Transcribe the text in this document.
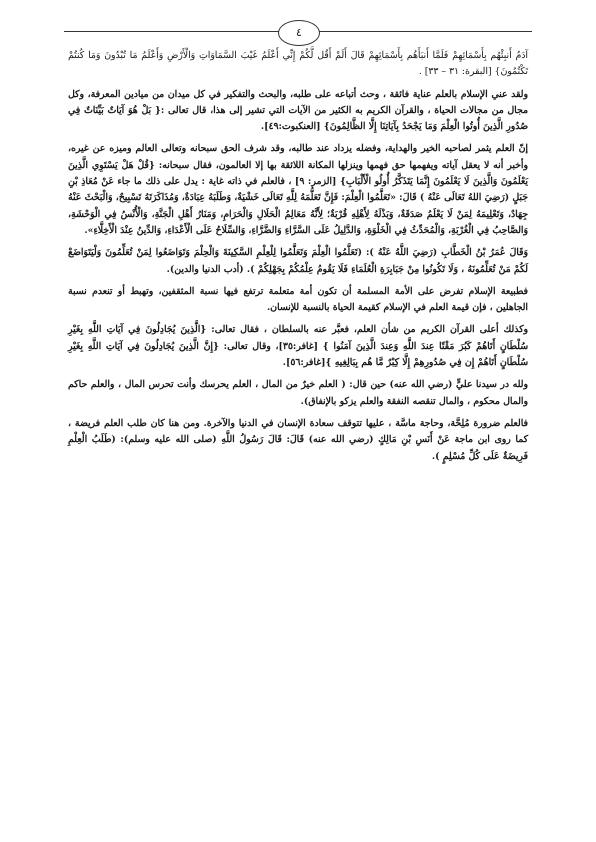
٤

آدَمُ أَنبِئْهُم بِأَسْمَائِهِمْ فَلَمَّا أَنبَأَهُم بِأَسْمَائِهِمْ قَالَ أَلَمْ أَقُل لَّكُمْ إِنِّي أَعْلَمُ غَيْبَ السَّمَاوَاتِ وَالْأَرْضِ وَأَعْلَمُ مَا تُبْدُونَ وَمَا كُنتُمْ تَكْتُمُونَ} [البقرة: ٣١ – ٣٣] .

ولقد عني الإسلام بالعلم عناية فائقة ، وحث أتباعه على طلبه، والبحث والتفكير في كل ميدان من ميادين المعرفة، وكل مجال من مجالات الحياة ، والقرآن الكريم به الكثير من الآيات التي تشير إلى هذا، قال تعالى :{ بَلْ هُوَ آيَاتٌ بَيِّنَاتٌ فِي صُدُورِ الَّذِينَ أُوتُوا الْعِلْمَ وَمَا يَجْحَدُ بِآيَاتِنَا إِلَّا الظَّالِمُونَ} [العنكبوت:٤٩].

إنّ العلم يثمر لصاحبه الخير والهداية، وفضله يزداد عند طالبه، وقد شرف الحق سبحانه وتعالى العالم وميزه عن غيره، وأخبر أنه لا يعقل آياته ويفهمها حق فهمها وينزلها المكانة اللائقة بها إلا العالمون، فقال سبحانه: {قُلْ هَلْ يَسْتَوِي الَّذِينَ يَعْلَمُونَ وَالَّذِينَ لَا يَعْلَمُونَ إِنَّمَا يَتَذَكَّرُ أُولُو الْأَلْبَابِ} [الزمر: ٩] ، فالعلم في ذاته غاية : يدل على ذلك ما جاء عَنْ مُعَاذِ بْنِ جَبَلٍ (رَضِيَ اللهُ تَعَالَى عَنْهُ ) قَالَ: «تَعَلَّمُوا الْعِلْمَ: فَإِنَّ تَعَلُّمَهُ لِلَّهِ تَعَالَى خَشْيَةٌ، وَطَلَبَهُ عِبَادَةٌ، وَمُذَاكَرَتَهُ تَسْبِيحٌ، وَالْبَحْثَ عَنْهُ جِهَادٌ، وَتَعْلِيمَهُ لِمَنْ لَا يَعْلَمُ صَدَقَةٌ، وَبَذْلَهُ لِأَهْلِهِ قُرْبَةٌ؛ لِأَنَّهُ مَعَالِمُ الْحَلَالِ وَالْحَرَامِ، وَمَنَارُ أَهْلِ الْجَنَّةِ، وَالْأُنْسُ فِي الْوَحْشَةِ، وَالصَّاحِبُ فِي الْغُرْبَةِ، وَالْمُحَدِّثُ فِي الْخَلْوَةِ، وَالدَّلِيلُ عَلَى السَّرَّاءِ وَالضَّرَّاءِ، وَالسِّلَاحُ عَلَى الْأَعْدَاءِ، وَالدِّينُ عِنْدَ الْأَخِلَّاءِ».

وَقَالَ عُمَرُ بْنُ الْخَطَّابِ (رَضِيَ اللَّهُ عَنْهُ ): (تَعَلَّمُوا الْعِلْمَ وَتَعَلَّمُوا لِلْعِلْمِ السَّكِينَةَ وَالْحِلْمَ وَتَوَاضَعُوا لِمَنْ تُعَلِّمُونَ وَلْيَتَوَاضَعْ لَكُمْ مَنْ تُعَلِّمُونَهُ ، وَلَا تَكُونُوا مِنْ جَبَابِرَةِ الْعُلَمَاءِ فَلَا يَقُومُ عِلْمُكُمْ بِجَهْلِكُمْ ). (أدب الدنيا والدين).

فطبيعة الإسلام تفرض على الأمة المسلمة أن تكون أمة متعلمة ترتفع فيها نسبة المثقفين، وتهبط أو تنعدم نسبة الجاهلين ، فإن قيمة العلم في الإسلام كقيمة الحياة بالنسبة للإنسان.

وكذلك أعلى القرآن الكريم من شأن العلم، فعبَّر عنه بالسلطان ، فقال تعالى: {الَّذِينَ يُجَادِلُونَ فِي آيَاتِ اللَّهِ بِغَيْرِ سُلْطَانٍ أَتَاهُمْ كَبُرَ مَقْتًا عِندَ اللَّهِ وَعِندَ الَّذِينَ آمَنُوا } [غافر:٣٥]، وقال تعالى: {إِنَّ الَّذِينَ يُجَادِلُونَ فِي آيَاتِ اللَّهِ بِغَيْرِ سُلْطَانٍ أَتَاهُمْ إِن فِي صُدُورِهِمْ إِلَّا كِبْرٌ مَّا هُم بِبَالِغِيهِ }[غافر:٥٦].

ولله در سيدنا عليٍّ (رضي الله عنه) حين قال: ( العلم خيرٌ من المال ، العلم يحرسك وأنت تحرس المال ، والعلم حاكم والمال محكوم ، والمال تنقصه النفقة والعلم يزكو بالإنفاق).

فالعلم ضرورة مُلِحَّة، وحاجة ماسَّة ، عليها تتوقف سعادة الإنسان في الدنيا والآخرة. ومن هنا كان طلب العلم فريضة ، كما روى ابن ماجة عَنْ أَنَسِ بْنِ مَالِكٍ (رضي الله عنه) قَالَ: قَالَ رَسُولُ اللَّهِ (صلى الله عليه وسلم): (طَلَبُ الْعِلْمِ فَرِيضَةٌ عَلَى كُلِّ مُسْلِمٍ ).
